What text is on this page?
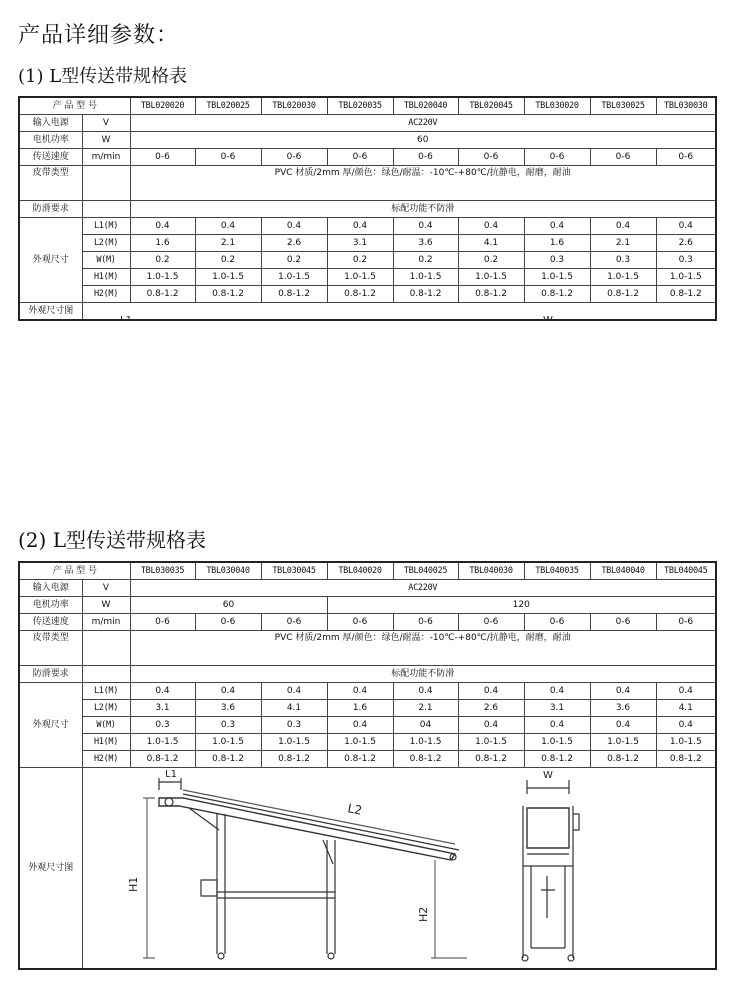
产品详细参数：
(1) L型传送带规格表
产 品 型 号		TBL020020	TBL020025	TBL020030	TBL020035	TBL020040	TBL020045	TBL030020	TBL030025	TBL030030
输入电源	V	AC220V								
电机功率	W	60								
传送速度	m/min	0-6	0-6	0-6	0-6	0-6	0-6	0-6	0-6	0-6
皮带类型		PVC 材质/2mm 厚/颜色：绿色/耐温：-10℃-+80℃/抗静电，耐磨，耐油								

防滑要求		标配功能不防滑								
外观尺寸	L1(M)	0.4	0.4	0.4	0.4	0.4	0.4	0.4	0.4	0.4
	L2(M)	1.6	2.1	2.6	3.1	3.6	4.1	1.6	2.1	2.6
	W(M)	0.2	0.2	0.2	0.2	0.2	0.2	0.3	0.3	0.3
	H1(M)	1.0-1.5	1.0-1.5	1.0-1.5	1.0-1.5	1.0-1.5	1.0-1.5	1.0-1.5	1.0-1.5	1.0-1.5
	H2(M)	0.8-1.2	0.8-1.2	0.8-1.2	0.8-1.2	0.8-1.2	0.8-1.2	0.8-1.2	0.8-1.2	0.8-1.2
外观尺寸图	L1
L2
H1
H2
W									
(2) L型传送带规格表
产 品 型 号		TBL030035	TBL030040	TBL030045	TBL040020	TBL040025	TBL040030	TBL040035	TBL040040	TBL040045
输入电源	V	AC220V								
电机功率	W	60			120					
传送速度	m/min	0-6	0-6	0-6	0-6	0-6	0-6	0-6	0-6	0-6
皮带类型		PVC 材质/2mm 厚/颜色：绿色/耐温：-10℃-+80℃/抗静电，耐磨，耐油								

防滑要求		标配功能不防滑								
外观尺寸	L1(M)	0.4	0.4	0.4	0.4	0.4	0.4	0.4	0.4	0.4
	L2(M)	3.1	3.6	4.1	1.6	2.1	2.6	3.1	3.6	4.1
	W(M)	0.3	0.3	0.3	0.4	04	0.4	0.4	0.4	0.4
	H1(M)	1.0-1.5	1.0-1.5	1.0-1.5	1.0-1.5	1.0-1.5	1.0-1.5	1.0-1.5	1.0-1.5	1.0-1.5
	H2(M)	0.8-1.2	0.8-1.2	0.8-1.2	0.8-1.2	0.8-1.2	0.8-1.2	0.8-1.2	0.8-1.2	0.8-1.2
外观尺寸图	L1
L2
H1
H2
W									
